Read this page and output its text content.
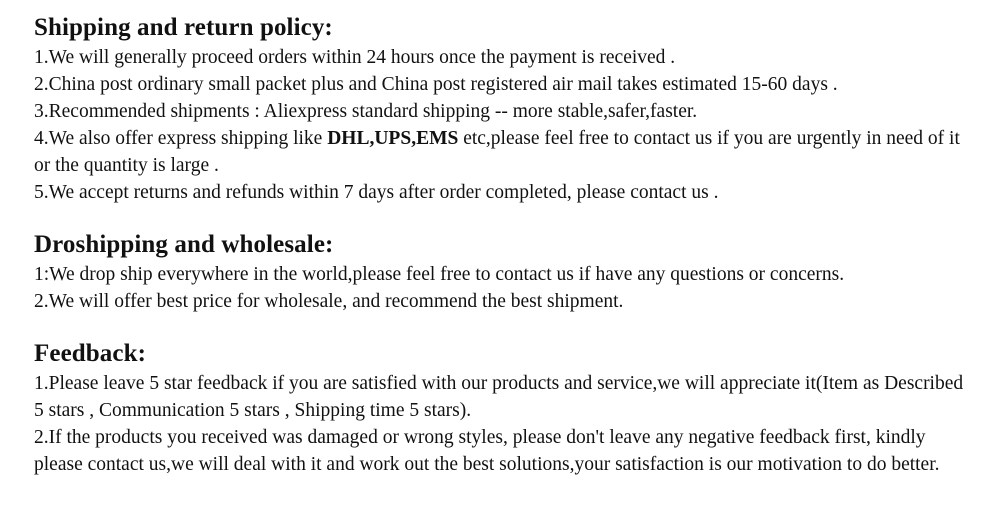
Shipping and return policy:

1.We will generally proceed orders within 24 hours once the payment is received .

2.China post ordinary small packet plus and China post registered air mail takes estimated 15-60 days .

3.Recommended shipments : Aliexpress standard shipping -- more stable,safer,faster.

4.We also offer express shipping like DHL,UPS,EMS etc,please feel free to contact us if you are urgently in need of it or the quantity is large .

5.We accept returns and refunds within 7 days after order completed, please contact us .

Droshipping and wholesale:

1:We drop ship everywhere in the world,please feel free to contact us if have any questions or concerns.

2.We will offer best price for wholesale, and recommend the best shipment.

Feedback:

1.Please leave 5 star feedback if you are satisfied with our products and service,we will appreciate it(Item as Described 5 stars , Communication 5 stars , Shipping time 5 stars).

2.If the products you received was damaged or wrong styles, please don't leave any negative feedback first, kindly please contact us,we will deal with it and work out the best solutions,your satisfaction is our motivation to do better.
